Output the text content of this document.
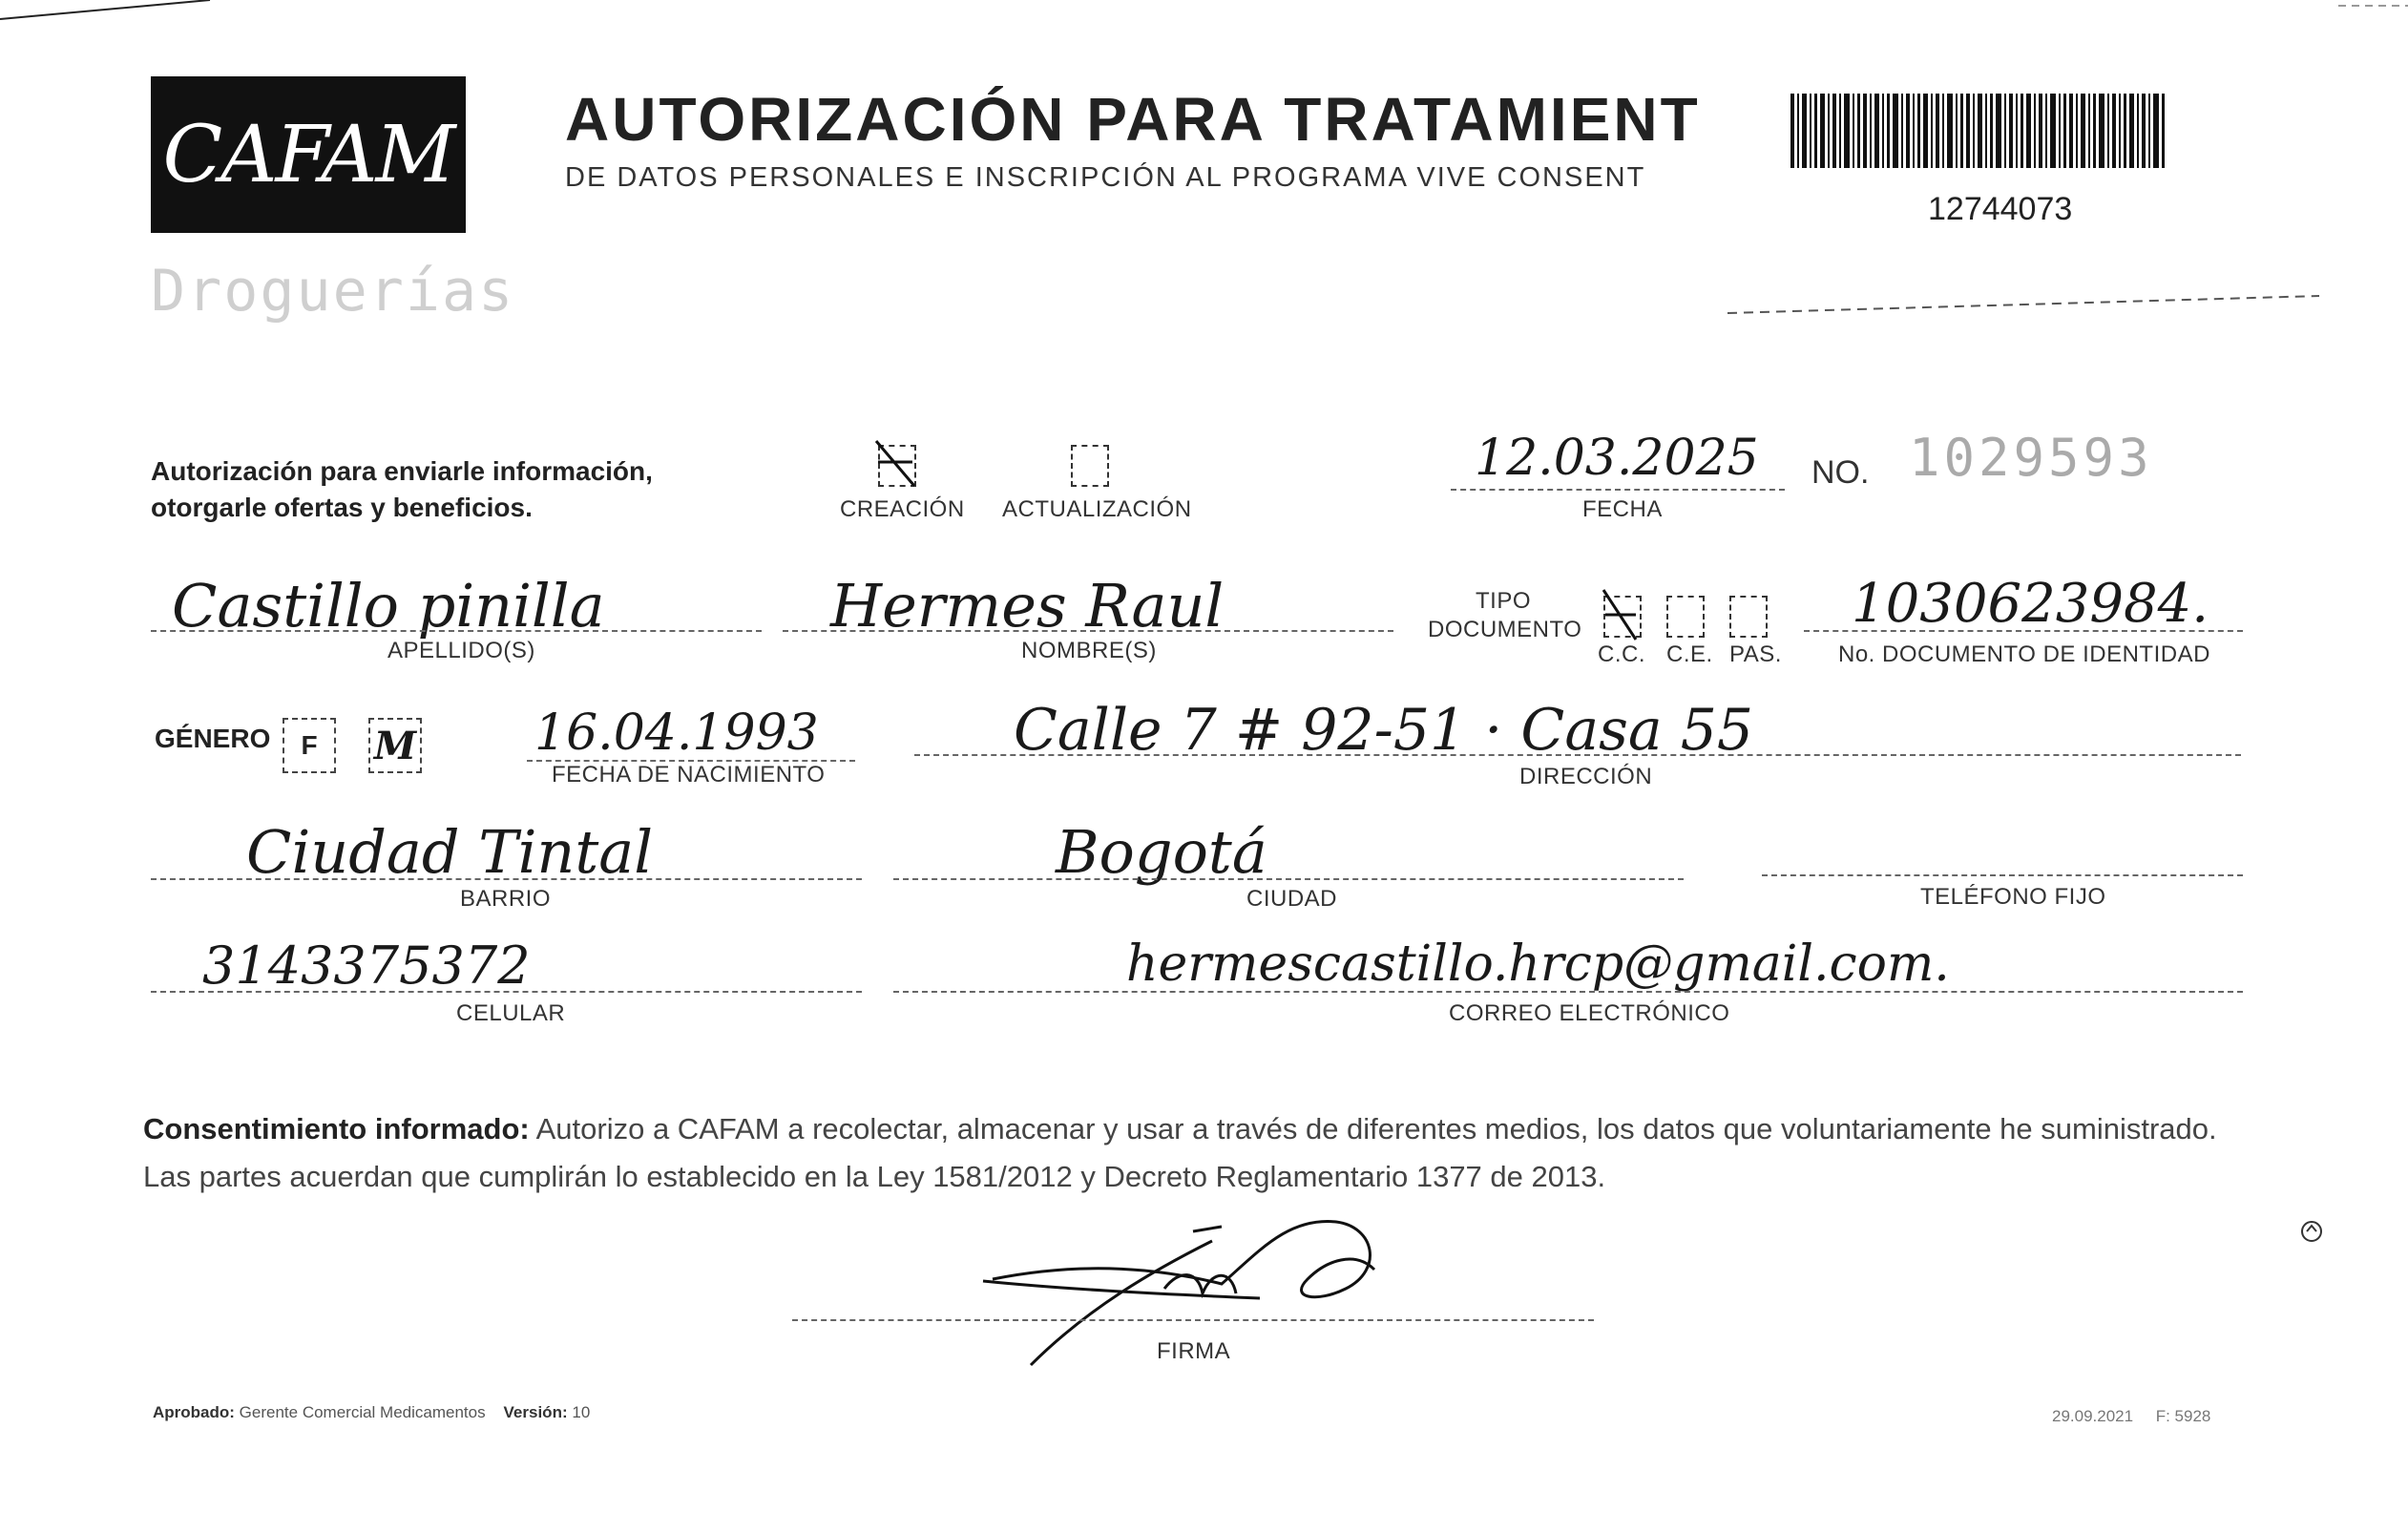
CAFAM
Droguerías
AUTORIZACIÓN PARA TRATAMIENT
DE DATOS PERSONALES E INSCRIPCIÓN AL PROGRAMA VIVE CONSENT
12744073
Autorización para enviarle información,
otorgarle ofertas y beneficios.	CREACIÓN ACTUALIZACIÓN
12.03.2025
FECHA
NO. 1029593
Castillo pinilla
APELLIDO(S)
Hermes Raul
NOMBRE(S)
TIPO
DOCUMENTO
C.C. C.E. PAS.
1030623984.
No. DOCUMENTO DE IDENTIDAD
GÉNERO F M 16.04.1993
FECHA DE NACIMIENTO
Calle 7 # 92-51 · Casa 55
DIRECCIÓN
Ciudad Tintal
BARRIO
Bogotá
CIUDAD	TELÉFONO FIJO
3143375372
CELULAR
hermescastillo.hrcp@gmail.com.
CORREO ELECTRÓNICO
Consentimiento informado: Autorizo a CAFAM a recolectar, almacenar y usar a través de diferentes medios, los datos que voluntariamente he suministrado.
Las partes acuerdan que cumplirán lo establecido en la Ley 1581/2012 y Decreto Reglamentario 1377 de 2013.
FIRMA
Aprobado: Gerente Comercial Medicamentos Versión: 10	29.09.2021 F: 5928
